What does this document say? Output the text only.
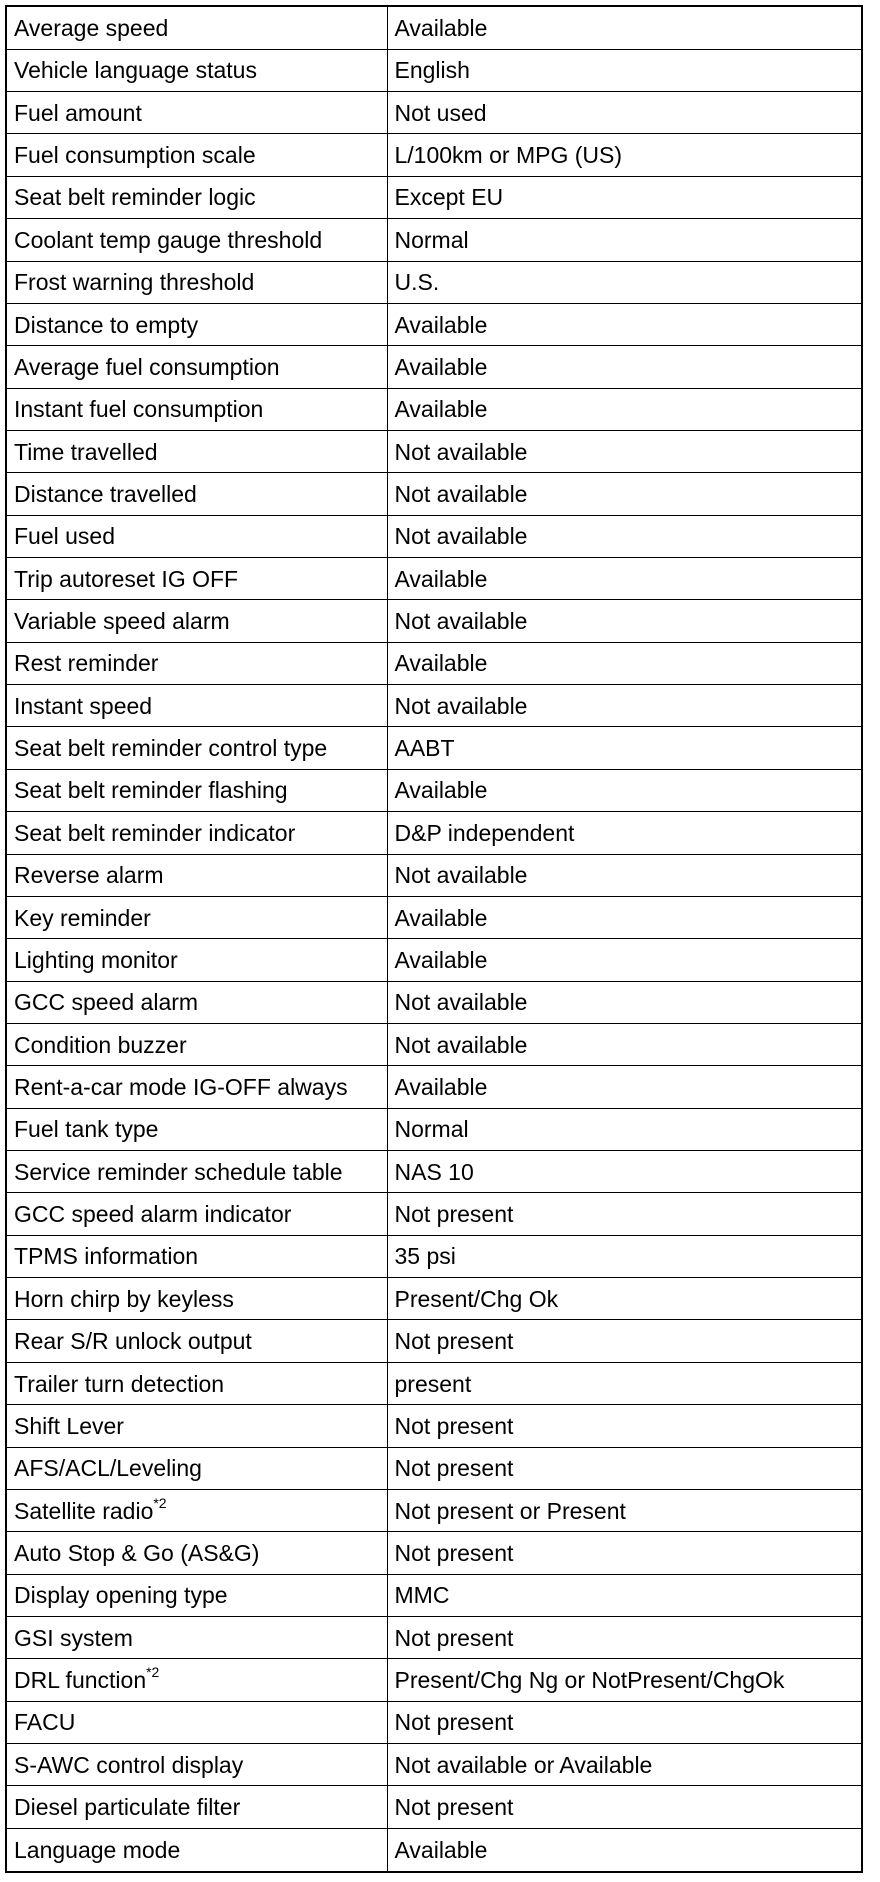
Average speed	Available
Vehicle language status	English
Fuel amount	Not used
Fuel consumption scale	L/100km or MPG (US)
Seat belt reminder logic	Except EU
Coolant temp gauge threshold	Normal
Frost warning threshold	U.S.
Distance to empty	Available
Average fuel consumption	Available
Instant fuel consumption	Available
Time travelled	Not available
Distance travelled	Not available
Fuel used	Not available
Trip autoreset IG OFF	Available
Variable speed alarm	Not available
Rest reminder	Available
Instant speed	Not available
Seat belt reminder control type	AABT
Seat belt reminder flashing	Available
Seat belt reminder indicator	D&P independent
Reverse alarm	Not available
Key reminder	Available
Lighting monitor	Available
GCC speed alarm	Not available
Condition buzzer	Not available
Rent-a-car mode IG-OFF always	Available
Fuel tank type	Normal
Service reminder schedule table	NAS 10
GCC speed alarm indicator	Not present
TPMS information	35 psi
Horn chirp by keyless	Present/Chg Ok
Rear S/R unlock output	Not present
Trailer turn detection	present
Shift Lever	Not present
AFS/ACL/Leveling	Not present
Satellite radio$^{*2}$	Not present or Present
Auto Stop & Go (AS&G)	Not present
Display opening type	MMC
GSI system	Not present
DRL function$^{*2}$	Present/Chg Ng or NotPresent/ChgOk
FACU	Not present
S-AWC control display	Not available or Available
Diesel particulate filter	Not present
Language mode	Available
